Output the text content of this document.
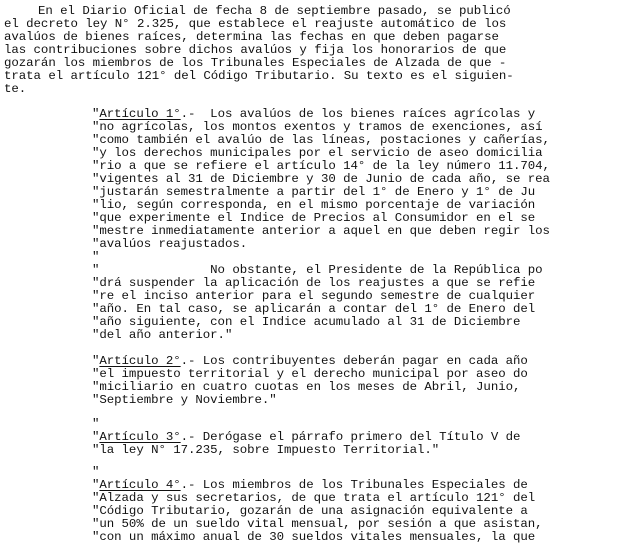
En el Diario Oficial de fecha 8 de septiembre pasado, se publicó
el decreto ley N° 2.325, que establece el reajuste automático de los
avalúos de bienes raíces, determina las fechas en que deben pagarse
las contribuciones sobre dichos avalúos y fija los honorarios de que
gozarán los miembros de los Tribunales Especiales de Alzada de que -
trata el artículo 121° del Código Tributario. Su texto es el siguien-
te.
"Artículo 1°.-  Los avalúos de los bienes raíces agrícolas y
"no agrícolas, los montos exentos y tramos de exenciones, así
"como también el avalúo de las líneas, postaciones y cañerías,
"y los derechos municipales por el servicio de aseo domicilia
"rio a que se refiere el artículo 14° de la ley número 11.704,
"vigentes al 31 de Diciembre y 30 de Junio de cada año, se rea
"justarán semestralmente a partir del 1° de Enero y 1° de Ju
"lio, según corresponda, en el mismo porcentaje de variación
"que experimente el Indice de Precios al Consumidor en el se
"mestre inmediatamente anterior a aquel en que deben regir los
"avalúos reajustados.
"
"               No obstante, el Presidente de la República po
"drá suspender la aplicación de los reajustes a que se refie
"re el inciso anterior para el segundo semestre de cualquier
"año. En tal caso, se aplicarán a contar del 1° de Enero del
"año siguiente, con el Indice acumulado al 31 de Diciembre
"del año anterior."
"Artículo 2°.- Los contribuyentes deberán pagar en cada año
"el impuesto territorial y el derecho municipal por aseo do
"miciliario en cuatro cuotas en los meses de Abril, Junio,
"Septiembre y Noviembre."
"
"Artículo 3°.- Derógase el párrafo primero del Título V de
"la ley N° 17.235, sobre Impuesto Territorial."
"
"Artículo 4°.- Los miembros de los Tribunales Especiales de
"Alzada y sus secretarios, de que trata el artículo 121° del
"Código Tributario, gozarán de una asignación equivalente a
"un 50% de un sueldo vital mensual, por sesión a que asistan,
"con un máximo anual de 30 sueldos vitales mensuales, la que
